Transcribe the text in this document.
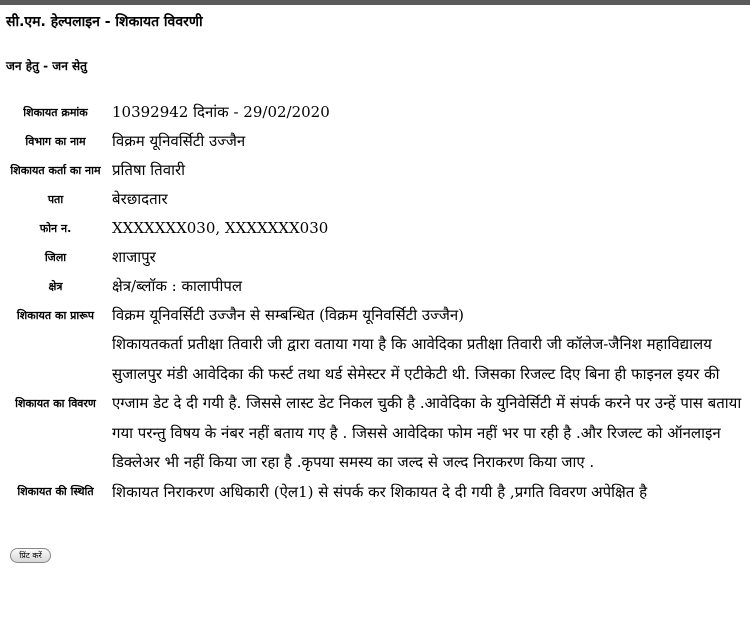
सी.एम. हेल्पलाइन - शिकायत विवरणी
जन हेतु - जन सेतु
शिकायत क्रमांक	10392942 दिनांक - 29/02/2020
विभाग का नाम	विक्रम यूनिवर्सिटी उज्जैन
शिकायत कर्ता का नाम	प्रतिषा तिवारी
पता	बेरछादतार
फोन न.	XXXXXXX030, XXXXXXX030
जिला	शाजापुर
क्षेत्र	क्षेत्र/ब्लॉक : कालापीपल
शिकायत का प्रारूप	विक्रम यूनिवर्सिटी उज्जैन से सम्बन्धित (विक्रम यूनिवर्सिटी उज्जैन)
शिकायत का विवरण	शिकायतकर्ता प्रतीक्षा तिवारी जी द्वारा वताया गया है कि आवेदिका प्रतीक्षा तिवारी जी कॉलेज-जैनिश महाविद्यालय सुजालपुर मंडी आवेदिका की फर्स्ट तथा थर्ड सेमेस्टर में एटीकेटी थी. जिसका रिजल्ट दिए बिना ही फाइनल इयर की एग्जाम डेट दे दी गयी है. जिससे लास्ट डेट निकल चुकी है .आवेदिका के युनिवेर्सिटी में संपर्क करने पर उन्हें पास बताया गया परन्तु विषय के नंबर नहीं बताय गए है . जिससे आवेदिका फोम नहीं भर पा रही है .और रिजल्ट को ऑनलाइन डिक्लेअर भी नहीं किया जा रहा है .कृपया समस्य का जल्द से जल्द निराकरण किया जाए .
शिकायत की स्थिति	शिकायत निराकरण अधिकारी (ऐल1) से संपर्क कर शिकायत दे दी गयी है ,प्रगति विवरण अपेक्षित है
प्रिंट करें
